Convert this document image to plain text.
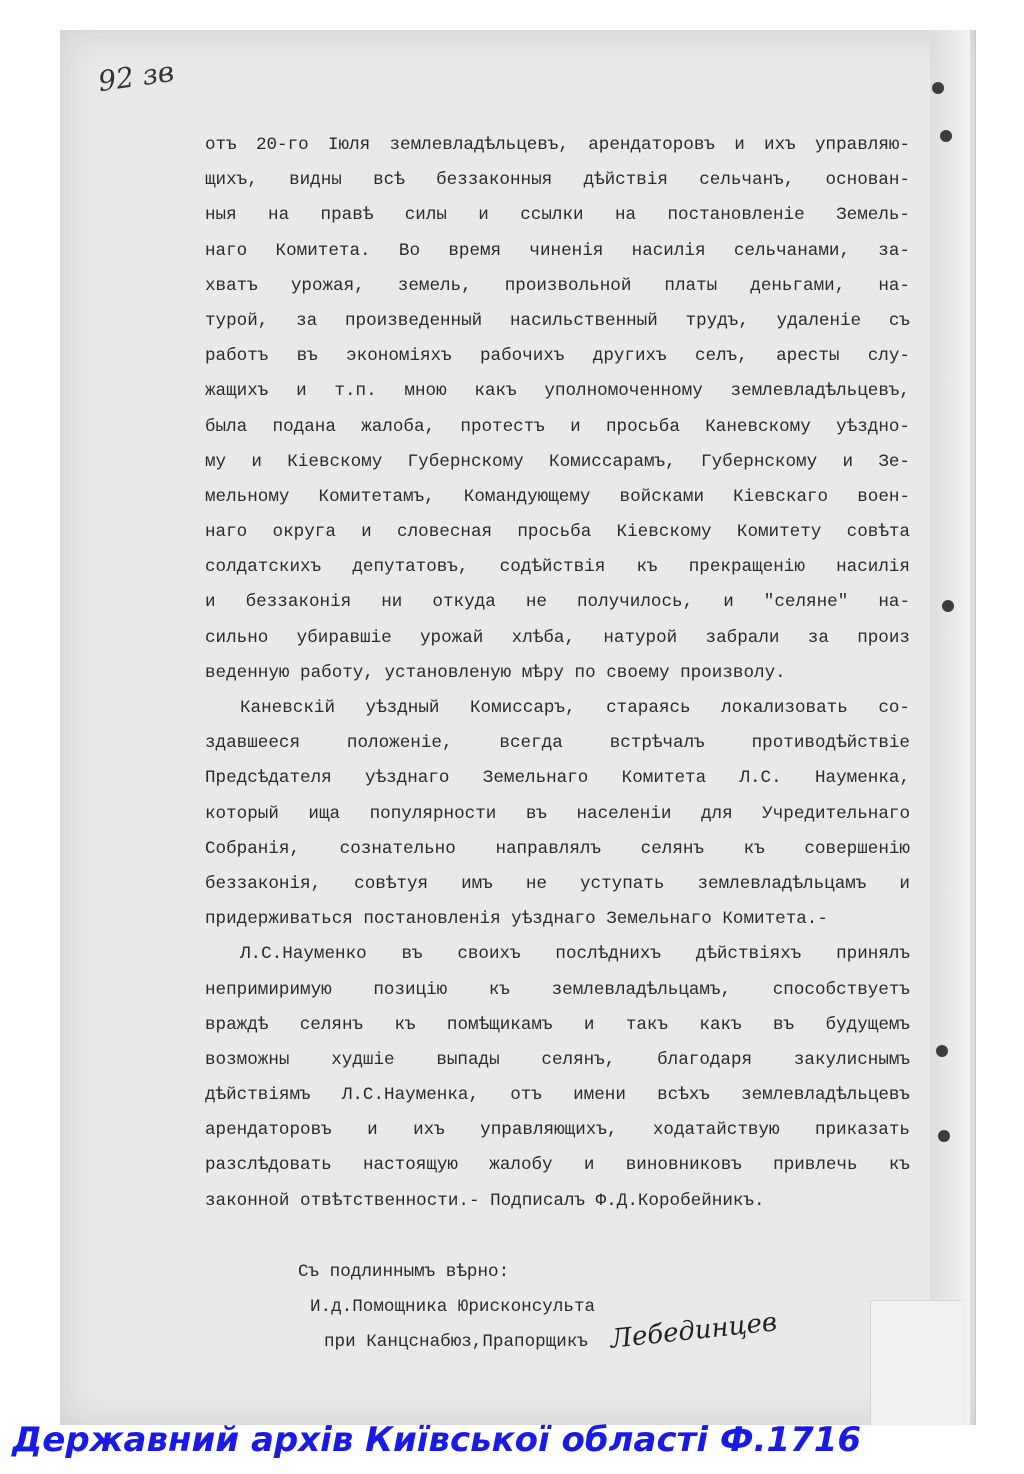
92 зв
отъ 20-го Іюля землевладѣльцевъ, арендаторовъ и ихъ управляю-
щихъ, видны всѣ беззаконныя дѣйствія сельчанъ, основан-
ныя на правѣ силы и ссылки на постановленіе Земель-
наго Комитета. Во время чиненія насилія сельчанами, за-
хватъ урожая, земель, произвольной платы деньгами, на-
турой, за произведенный насильственный трудъ, удаленіе съ
работъ въ экономіяхъ рабочихъ другихъ селъ, аресты слу-
жащихъ и т.п. мною какъ уполномоченному землевладѣльцевъ,
была подана жалоба, протестъ и просьба Каневскому уѣздно-
му и Кіевскому Губернскому Комиссарамъ, Губернскому и Зе-
мельному Комитетамъ, Командующему войсками Кіевскаго воен-
наго округа и словесная просьба Кіевскому Комитету совѣта
солдатскихъ депутатовъ, содѣйствія къ прекращенію насилія
и беззаконія ни откуда не получилось, и "селяне" на-
сильно убиравшіе урожай хлѣба, натурой забрали за произ
веденную работу, установленую мѣру по своему произволу.
Каневскій уѣздный Комиссаръ, стараясь локализовать со-
здавшееся положеніе, всегда встрѣчалъ противодѣйствіе
Предсѣдателя уѣзднаго Земельнаго Комитета Л.С. Науменка,
который ища популярности въ населеніи для Учредительнаго
Собранія, сознательно направлялъ селянъ къ совершенію
беззаконія, совѣтуя имъ не уступать землевладѣльцамъ и
придерживаться постановленія уѣзднаго Земельнаго Комитета.-
Л.С.Науменко въ своихъ послѣднихъ дѣйствіяхъ принялъ
непримиримую позицію къ землевладѣльцамъ, способствуетъ
враждѣ селянъ къ помѣщикамъ и такъ какъ въ будущемъ
возможны худшіе выпады селянъ, благодаря закулиснымъ
дѣйствіямъ Л.С.Науменка, отъ имени всѣхъ землевладѣльцевъ
арендаторовъ и ихъ управляющихъ, ходатайствую приказать
разслѣдовать настоящую жалобу и виновниковъ привлечь къ
законной отвѣтственности.- Подписалъ Ф.Д.Коробейникъ.
Съ подлиннымъ вѣрно:
И.д.Помощника Юрисконсульта
при Канцснабюз,Прапорщикъ Лебединцев
Державний архів Київської області Ф.1716
